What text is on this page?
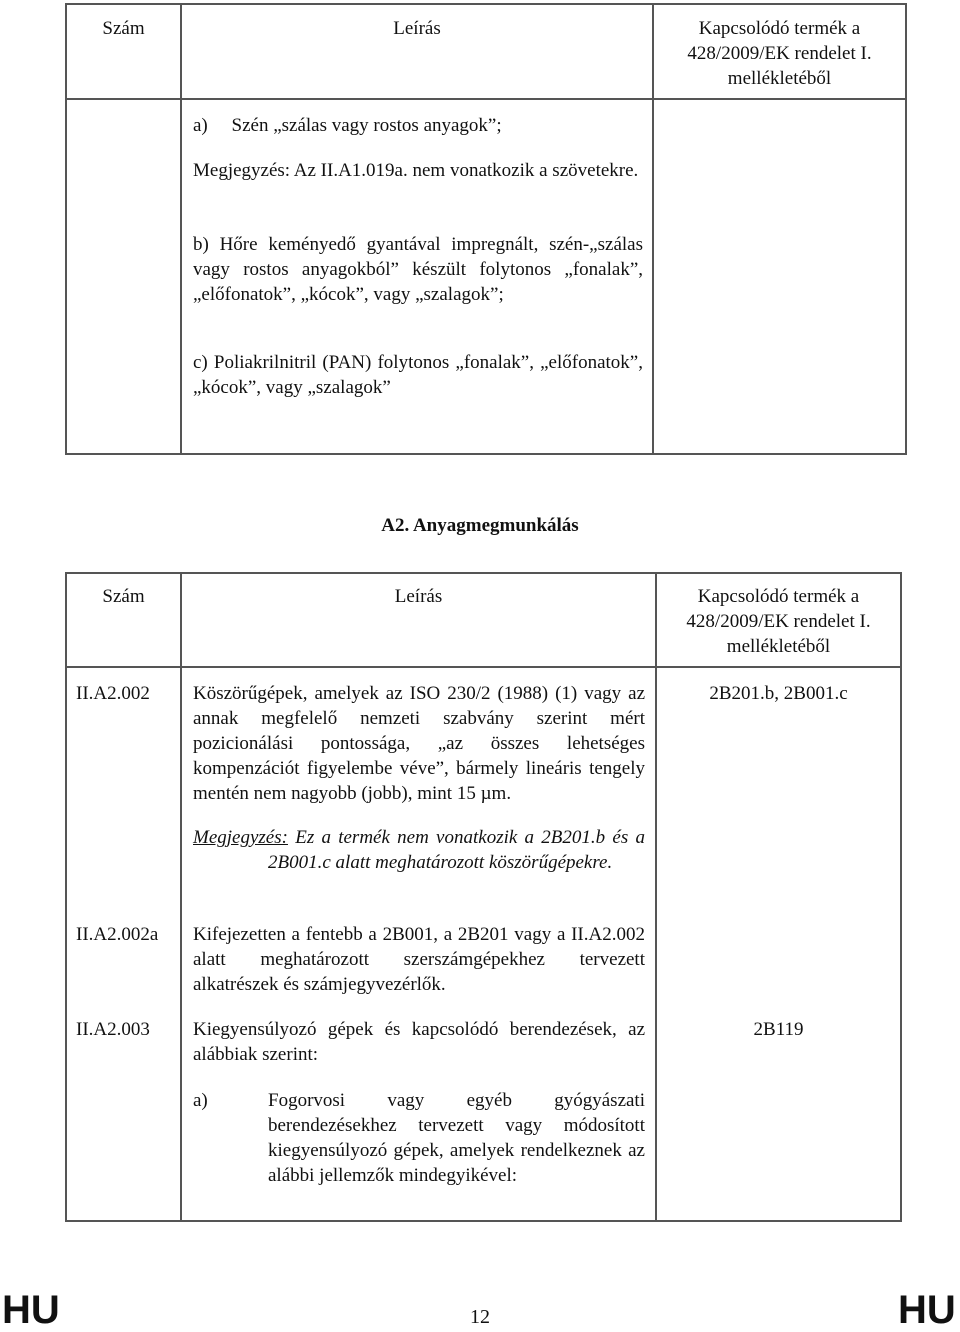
Szám	Leírás	Kapcsolódó termék a
428/2009/EK rendelet I.
mellékletéből
a)     Szén „szálas vagy rostos anyagok”;
Megjegyzés: Az II.A1.019a. nem vonatkozik a szövetekre.
b) Hőre keményedő gyantával impregnált, szén-„szálas vagy rostos anyagokból” készült folytonos „fonalak”, „előfonatok”, „kócok”, vagy „szalagok”;
c) Poliakrilnitril (PAN) folytonos „fonalak”, „előfonatok”, „kócok”, vagy „szalagok”
A2. Anyagmegmunkálás
Szám	Leírás	Kapcsolódó termék a
428/2009/EK rendelet I.
mellékletéből
II.A2.002 Köszörűgépek, amelyek az ISO 230/2 (1988) (1) vagy az annak megfelelő nemzeti szabvány szerint mért pozicionálási pontossága, „az összes lehetséges kompenzációt figyelembe véve”, bármely lineáris tengely mentén nem nagyobb (jobb), mint 15 µm.
Megjegyzés: Ez a termék nem vonatkozik a 2B201.b és a 2B001.c alatt meghatározott köszörűgépekre.
2B201.b, 2B001.c
II.A2.002a Kifejezetten a fentebb a 2B001, a 2B201 vagy a II.A2.002 alatt meghatározott szerszámgépekhez tervezett alkatrészek és számjegyvezérlők.
II.A2.003 Kiegyensúlyozó gépek és kapcsolódó berendezések, az alábbiak szerint:
a)	Fogorvosi vagy egyéb gyógyászati berendezésekhez tervezett vagy módosított kiegyensúlyozó gépek, amelyek rendelkeznek az alábbi jellemzők mindegyikével:
2B119
HU	12	HU
